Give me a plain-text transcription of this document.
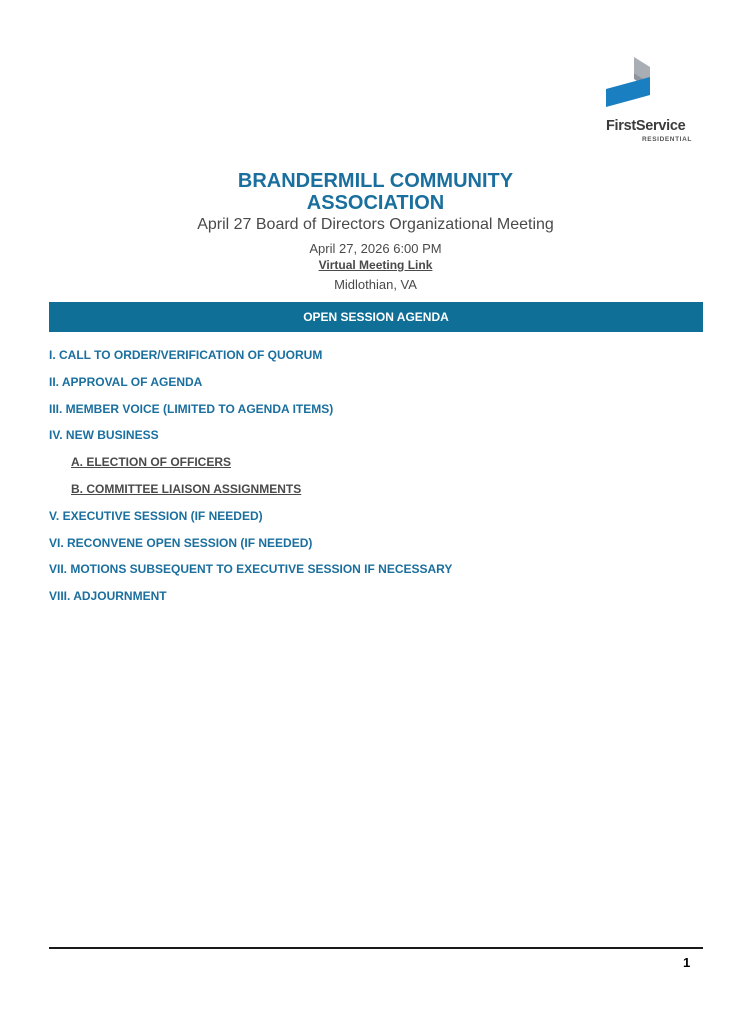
FirstService
RESIDENTIAL
BRANDERMILL COMMUNITY
ASSOCIATION
April 27 Board of Directors Organizational Meeting
April 27, 2026 6:00 PM
Virtual Meeting Link
Midlothian, VA
OPEN SESSION AGENDA
I. CALL TO ORDER/VERIFICATION OF QUORUM
II. APPROVAL OF AGENDA
III. MEMBER VOICE (LIMITED TO AGENDA ITEMS)
IV. NEW BUSINESS
A. ELECTION OF OFFICERS
B. COMMITTEE LIAISON ASSIGNMENTS
V. EXECUTIVE SESSION (IF NEEDED)
VI. RECONVENE OPEN SESSION (IF NEEDED)
VII. MOTIONS SUBSEQUENT TO EXECUTIVE SESSION IF NECESSARY
VIII. ADJOURNMENT
1
